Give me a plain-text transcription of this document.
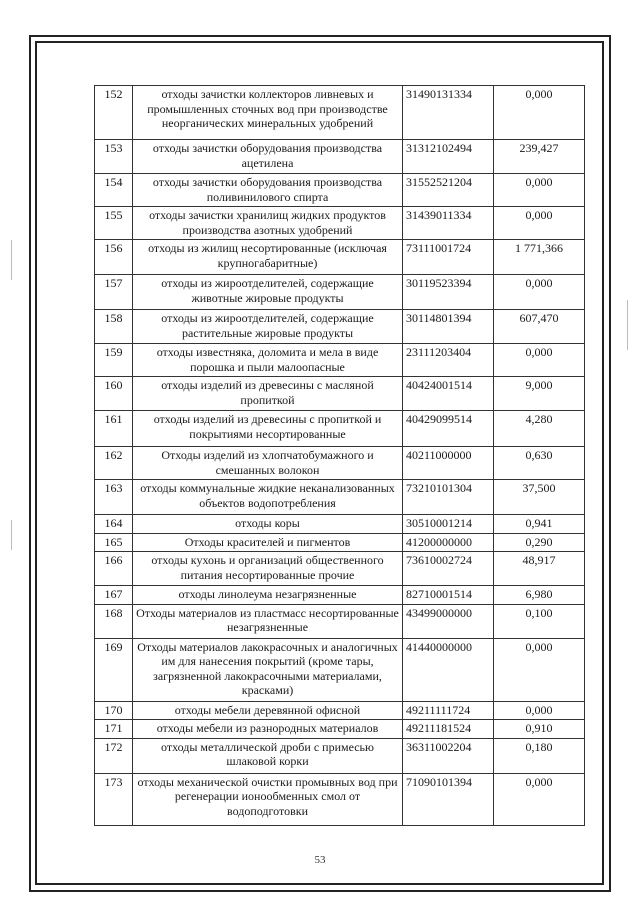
152	отходы зачистки коллекторов ливневых и промышленных сточных вод при производстве неорганических минеральных удобрений	31490131334	0,000
153	отходы зачистки оборудования производства ацетилена	31312102494	239,427
154	отходы зачистки оборудования производства поливинилового спирта	31552521204	0,000
155	отходы зачистки хранилищ жидких продуктов производства азотных удобрений	31439011334	0,000
156	отходы из жилищ несортированные (исключая крупногабаритные)	73111001724	1 771,366
157	отходы из жироотделителей, содержащие животные жировые продукты	30119523394	0,000
158	отходы из жироотделителей, содержащие растительные жировые продукты	30114801394	607,470
159	отходы известняка, доломита и мела в виде порошка и пыли малоопасные	23111203404	0,000
160	отходы изделий из древесины с масляной пропиткой	40424001514	9,000
161	отходы изделий из древесины с пропиткой и покрытиями несортированные	40429099514	4,280
162	Отходы изделий из хлопчатобумажного и смешанных волокон	40211000000	0,630
163	отходы коммунальные жидкие неканализованных объектов водопотребления	73210101304	37,500
164	отходы коры	30510001214	0,941
165	Отходы красителей и пигментов	41200000000	0,290
166	отходы кухонь и организаций общественного питания несортированные прочие	73610002724	48,917
167	отходы линолеума незагрязненные	82710001514	6,980
168	Отходы материалов из пластмасс несортированные незагрязненные	43499000000	0,100
169	Отходы материалов лакокрасочных и аналогичных им для нанесения покрытий (кроме тары, загрязненной лакокрасочными материалами, красками)	41440000000	0,000
170	отходы мебели деревянной офисной	49211111724	0,000
171	отходы мебели из разнородных материалов	49211181524	0,910
172	отходы металлической дроби с примесью шлаковой корки	36311002204	0,180
173	отходы механической очистки промывных вод при регенерации ионообменных смол от водоподготовки	71090101394	0,000
53
